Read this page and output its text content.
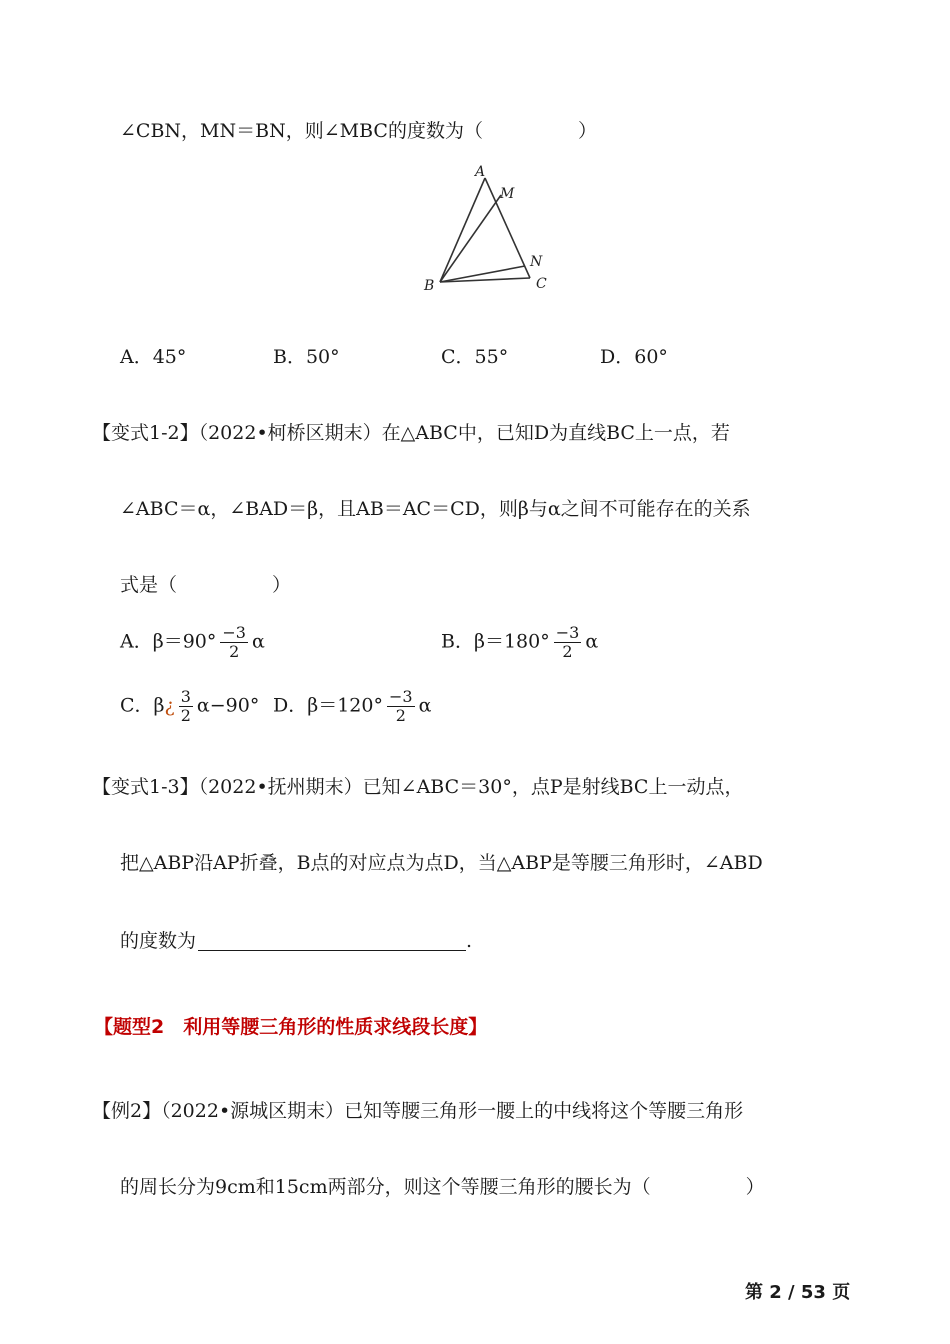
∠CBN，MN＝BN，则∠MBC的度数为（　　　　　）
A
M
N
B	C
A．45°	B．50°	C．55°	D．60°
【变式1-2】（2022•柯桥区期末）在△ABC中，已知D为直线BC上一点，若
∠ABC＝α，∠BAD＝β，且AB＝AC＝CD，则β与α之间不可能存在的关系
式是（　　　　　）
A．$\beta=90^\circ \frac{-3}{2}$ α	B．$\beta=180^\circ \frac{-3}{2}$ α
C．β¿ $\frac{3}{2} \alpha-90^\circ$ D．$\beta=120^\circ \frac{-3}{2}$ α
【变式1-3】（2022•抚州期末）已知∠ABC＝30°，点P是射线BC上一动点，
把△ABP沿AP折叠，B点的对应点为点D，当△ABP是等腰三角形时，∠ABD
的度数为	.
【题型2　利用等腰三角形的性质求线段长度】
【例2】（2022•源城区期末）已知等腰三角形一腰上的中线将这个等腰三角形
的周长分为9cm和15cm两部分，则这个等腰三角形的腰长为（　　　　　）
第 2 / 53 页
